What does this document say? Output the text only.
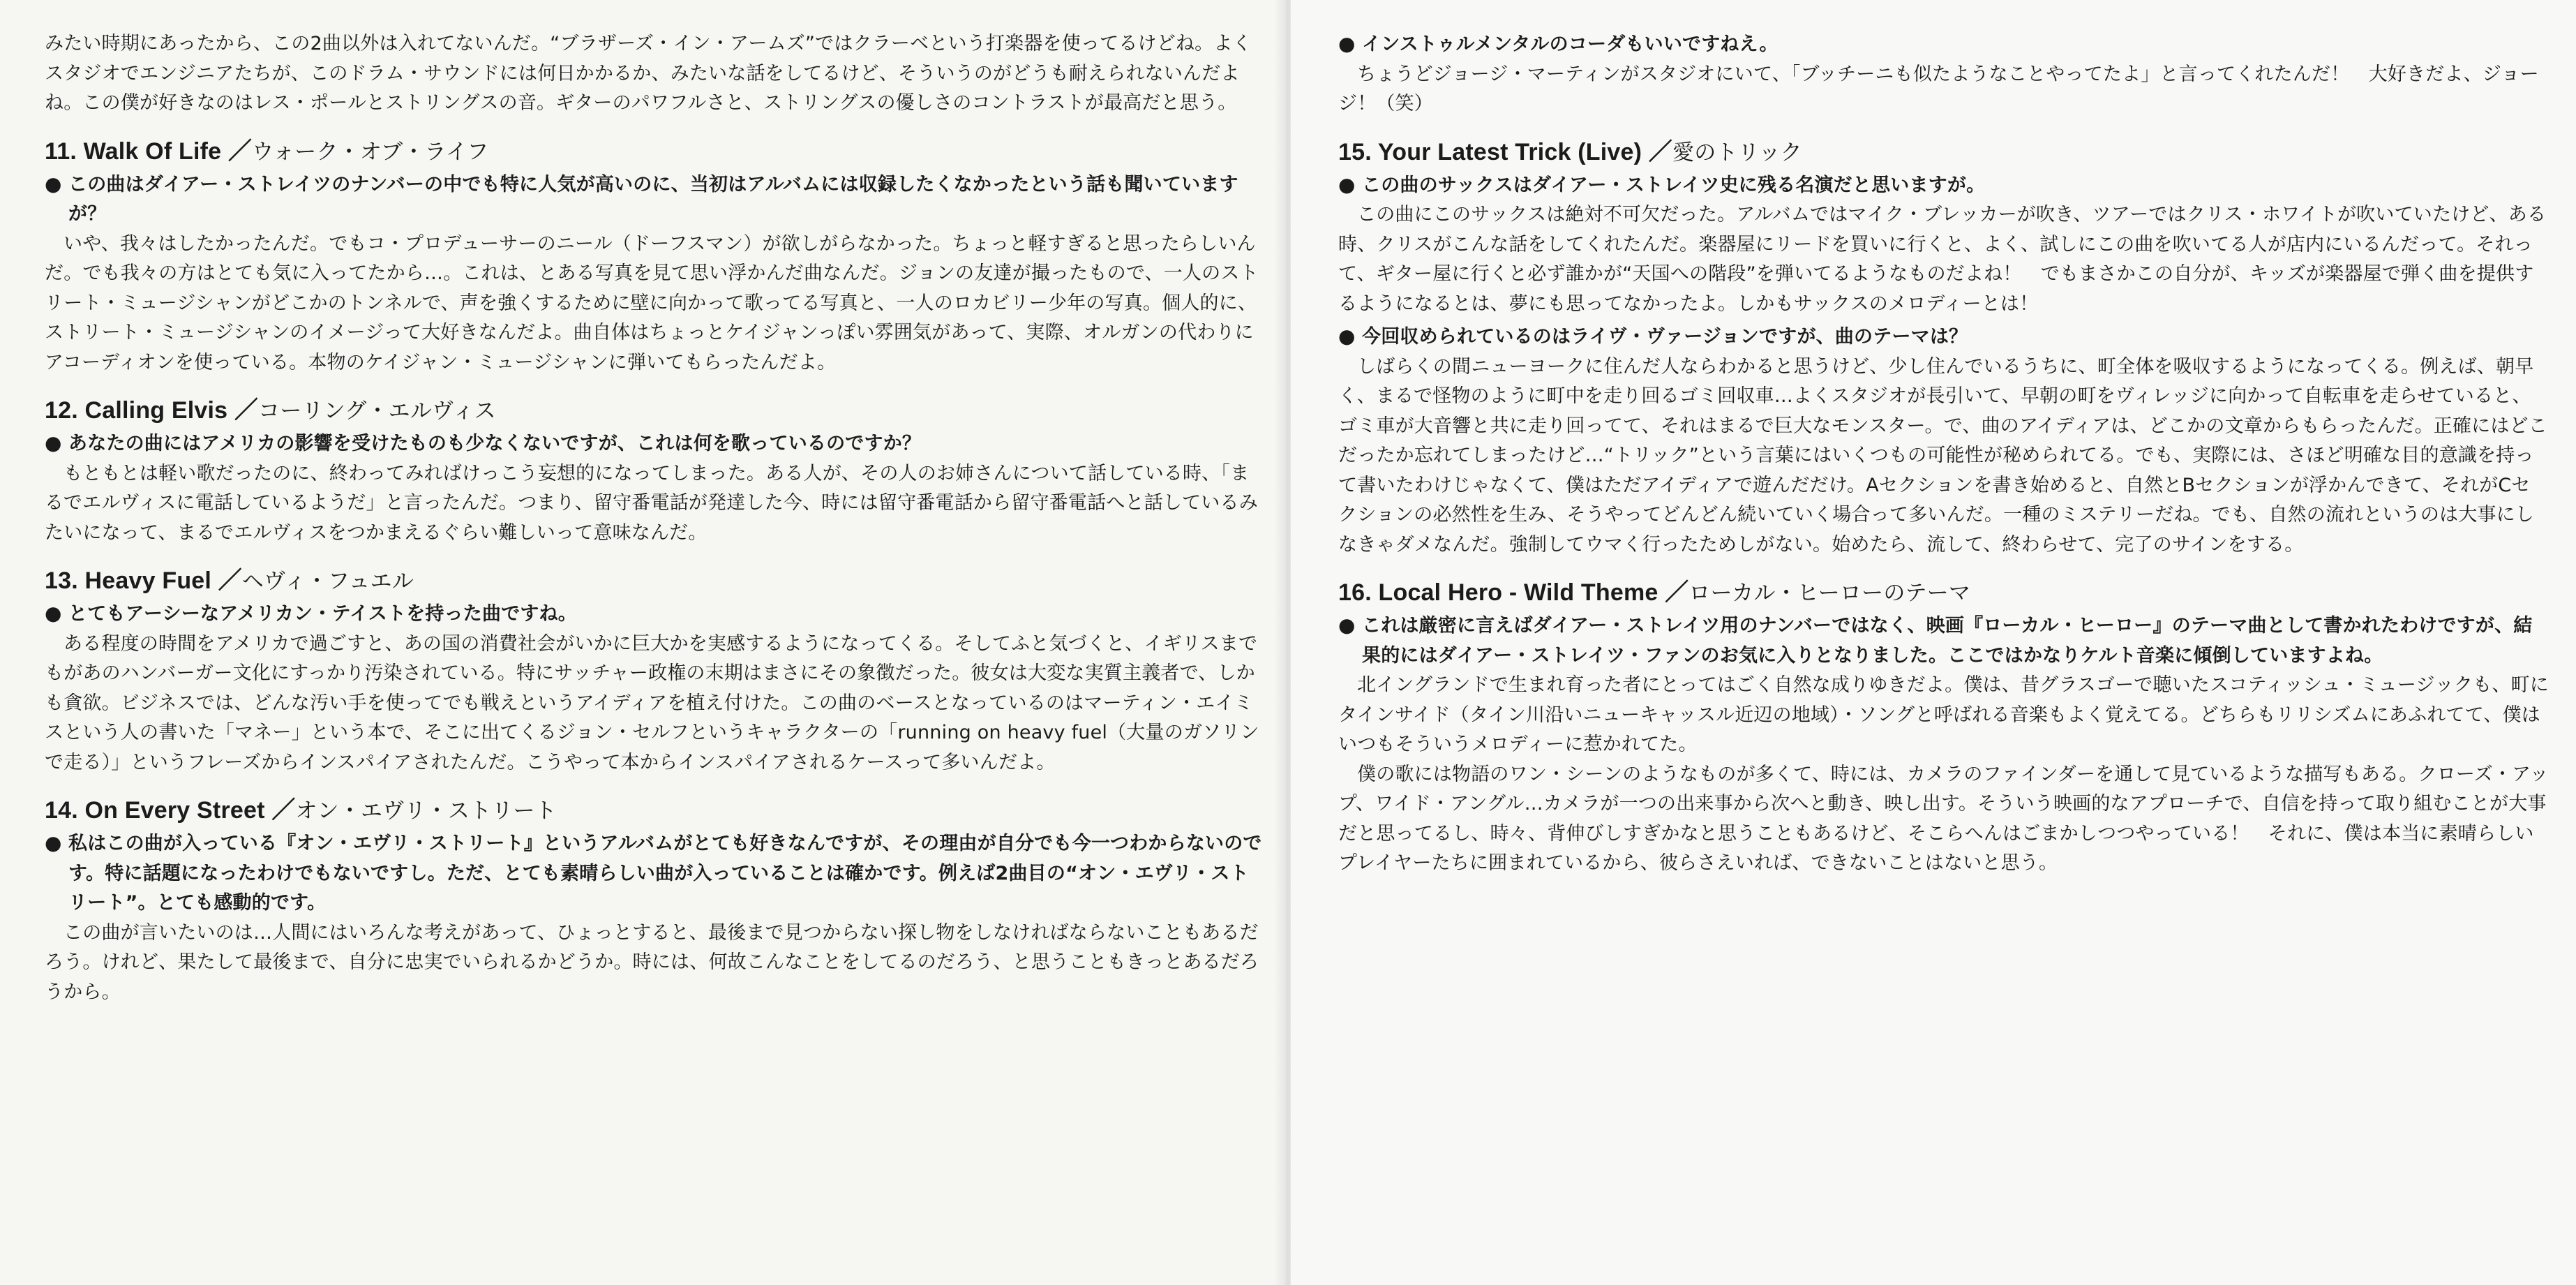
みたい時期にあったから、この2曲以外は入れてないんだ。“ブラザーズ・イン・アームズ”ではクラーベという打楽器を使ってるけどね。よくスタジオでエンジニアたちが、このドラム・サウンドには何日かかるか、みたいな話をしてるけど、そういうのがどうも耐えられないんだよね。この僕が好きなのはレス・ポールとストリングスの音。ギターのパワフルさと、ストリングスの優しさのコントラストが最高だと思う。

11. Walk Of Life ／ウォーク・オブ・ライフ

● この曲はダイアー・ストレイツのナンバーの中でも特に人気が高いのに、当初はアルバムには収録したくなかったという話も聞いていますが？

いや、我々はしたかったんだ。でもコ・プロデューサーのニール（ドーフスマン）が欲しがらなかった。ちょっと軽すぎると思ったらしいんだ。でも我々の方はとても気に入ってたから…。これは、とある写真を見て思い浮かんだ曲なんだ。ジョンの友達が撮ったもので、一人のストリート・ミュージシャンがどこかのトンネルで、声を強くするために壁に向かって歌ってる写真と、一人のロカビリー少年の写真。個人的に、ストリート・ミュージシャンのイメージって大好きなんだよ。曲自体はちょっとケイジャンっぽい雰囲気があって、実際、オルガンの代わりにアコーディオンを使っている。本物のケイジャン・ミュージシャンに弾いてもらったんだよ。

12. Calling Elvis ／コーリング・エルヴィス

● あなたの曲にはアメリカの影響を受けたものも少なくないですが、これは何を歌っているのですか？

もともとは軽い歌だったのに、終わってみればけっこう妄想的になってしまった。ある人が、その人のお姉さんについて話している時、「まるでエルヴィスに電話しているようだ」と言ったんだ。つまり、留守番電話が発達した今、時には留守番電話から留守番電話へと話しているみたいになって、まるでエルヴィスをつかまえるぐらい難しいって意味なんだ。

13. Heavy Fuel ／ヘヴィ・フュエル

● とてもアーシーなアメリカン・テイストを持った曲ですね。

ある程度の時間をアメリカで過ごすと、あの国の消費社会がいかに巨大かを実感するようになってくる。そしてふと気づくと、イギリスまでもがあのハンバーガー文化にすっかり汚染されている。特にサッチャー政権の末期はまさにその象徴だった。彼女は大変な実質主義者で、しかも貪欲。ビジネスでは、どんな汚い手を使ってでも戦えというアイディアを植え付けた。この曲のベースとなっているのはマーティン・エイミスという人の書いた「マネー」という本で、そこに出てくるジョン・セルフというキャラクターの「running on heavy fuel（大量のガソリンで走る）」というフレーズからインスパイアされたんだ。こうやって本からインスパイアされるケースって多いんだよ。

14. On Every Street ／オン・エヴリ・ストリート

● 私はこの曲が入っている『オン・エヴリ・ストリート』というアルバムがとても好きなんですが、その理由が自分でも今一つわからないのです。特に話題になったわけでもないですし。ただ、とても素晴らしい曲が入っていることは確かです。例えば2曲目の“オン・エヴリ・ストリート”。とても感動的です。

この曲が言いたいのは…人間にはいろんな考えがあって、ひょっとすると、最後まで見つからない探し物をしなければならないこともあるだろう。けれど、果たして最後まで、自分に忠実でいられるかどうか。時には、何故こんなことをしてるのだろう、と思うこともきっとあるだろうから。

● インストゥルメンタルのコーダもいいですねえ。

ちょうどジョージ・マーティンがスタジオにいて、「ブッチーニも似たようなことやってたよ」と言ってくれたんだ！　大好きだよ、ジョージ！（笑）

15. Your Latest Trick (Live) ／愛のトリック

● この曲のサックスはダイアー・ストレイツ史に残る名演だと思いますが。

この曲にこのサックスは絶対不可欠だった。アルバムではマイク・ブレッカーが吹き、ツアーではクリス・ホワイトが吹いていたけど、ある時、クリスがこんな話をしてくれたんだ。楽器屋にリードを買いに行くと、よく、試しにこの曲を吹いてる人が店内にいるんだって。それって、ギター屋に行くと必ず誰かが“天国への階段”を弾いてるようなものだよね！　でもまさかこの自分が、キッズが楽器屋で弾く曲を提供するようになるとは、夢にも思ってなかったよ。しかもサックスのメロディーとは！

● 今回収められているのはライヴ・ヴァージョンですが、曲のテーマは？

しばらくの間ニューヨークに住んだ人ならわかると思うけど、少し住んでいるうちに、町全体を吸収するようになってくる。例えば、朝早く、まるで怪物のように町中を走り回るゴミ回収車…よくスタジオが長引いて、早朝の町をヴィレッジに向かって自転車を走らせていると、ゴミ車が大音響と共に走り回ってて、それはまるで巨大なモンスター。で、曲のアイディアは、どこかの文章からもらったんだ。正確にはどこだったか忘れてしまったけど…“トリック”という言葉にはいくつもの可能性が秘められてる。でも、実際には、さほど明確な目的意識を持って書いたわけじゃなくて、僕はただアイディアで遊んだだけ。Aセクションを書き始めると、自然とBセクションが浮かんできて、それがCセクションの必然性を生み、そうやってどんどん続いていく場合って多いんだ。一種のミステリーだね。でも、自然の流れというのは大事にしなきゃダメなんだ。強制してウマく行ったためしがない。始めたら、流して、終わらせて、完了のサインをする。

16. Local Hero - Wild Theme ／ローカル・ヒーローのテーマ

● これは厳密に言えばダイアー・ストレイツ用のナンバーではなく、映画『ローカル・ヒーロー』のテーマ曲として書かれたわけですが、結果的にはダイアー・ストレイツ・ファンのお気に入りとなりました。ここではかなりケルト音楽に傾倒していますよね。

北イングランドで生まれ育った者にとってはごく自然な成りゆきだよ。僕は、昔グラスゴーで聴いたスコティッシュ・ミュージックも、町にタインサイド（タイン川沿いニューキャッスル近辺の地域）・ソングと呼ばれる音楽もよく覚えてる。どちらもリリシズムにあふれてて、僕はいつもそういうメロディーに惹かれてた。

僕の歌には物語のワン・シーンのようなものが多くて、時には、カメラのファインダーを通して見ているような描写もある。クローズ・アップ、ワイド・アングル…カメラが一つの出来事から次へと動き、映し出す。そういう映画的なアプローチで、自信を持って取り組むことが大事だと思ってるし、時々、背伸びしすぎかなと思うこともあるけど、そこらへんはごまかしつつやっている！　それに、僕は本当に素晴らしいプレイヤーたちに囲まれているから、彼らさえいれば、できないことはないと思う。
